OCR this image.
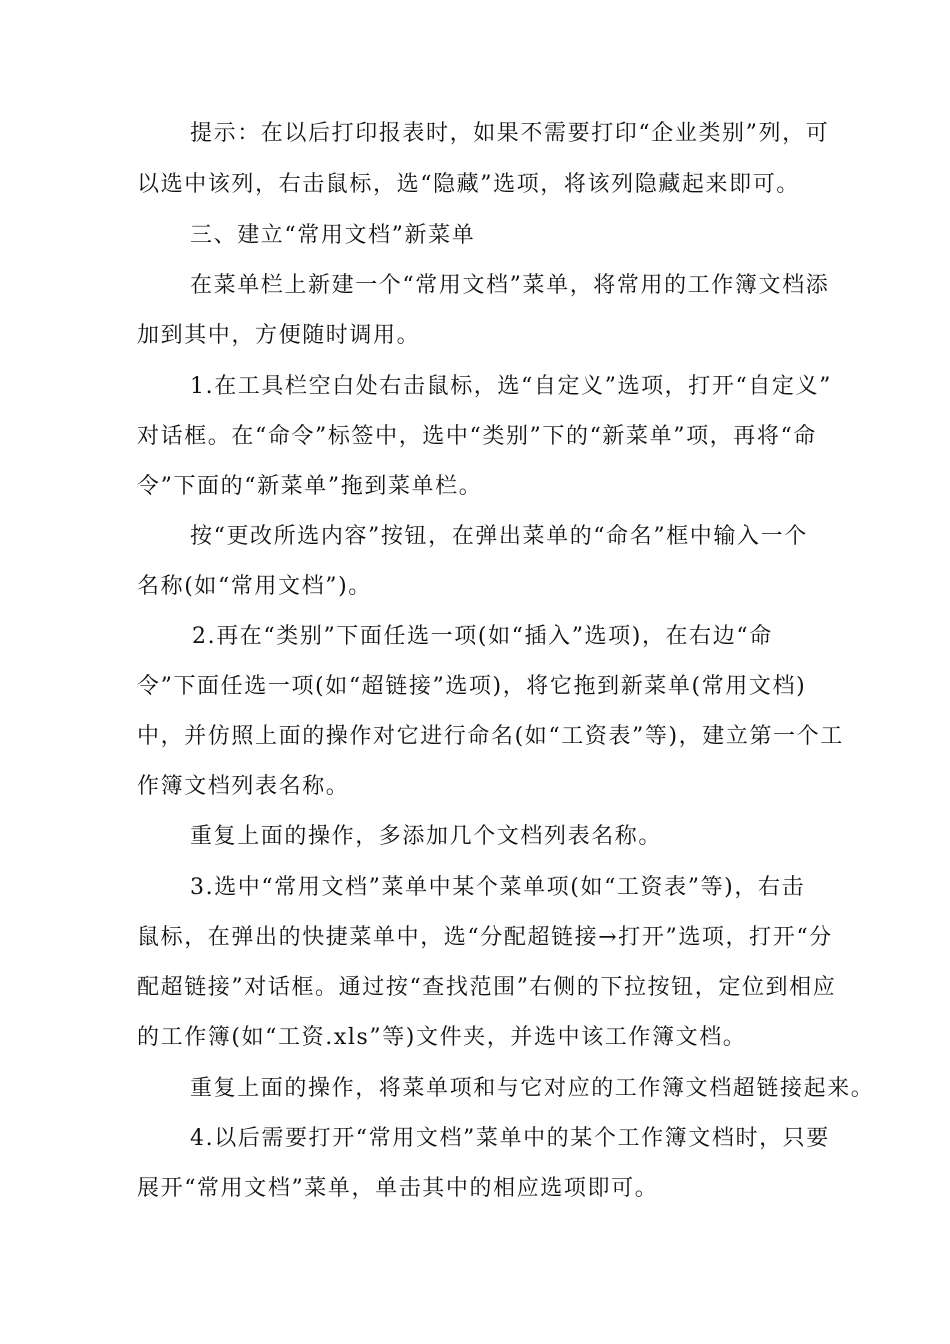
提示：在以后打印报表时，如果不需要打印“企业类别”列，可
以选中该列，右击鼠标，选“隐藏”选项，将该列隐藏起来即可。
三、建立“常用文档”新菜单
在菜单栏上新建一个“常用文档”菜单，将常用的工作簿文档添
加到其中，方便随时调用。
1.在工具栏空白处右击鼠标，选“自定义”选项，打开“自定义”
对话框。在“命令”标签中，选中“类别”下的“新菜单”项，再将“命
令”下面的“新菜单”拖到菜单栏。
按“更改所选内容”按钮，在弹出菜单的“命名”框中输入一个
名称(如“常用文档”)。
2.再在“类别”下面任选一项(如“插入”选项)，在右边“命
令”下面任选一项(如“超链接”选项)，将它拖到新菜单(常用文档)
中，并仿照上面的操作对它进行命名(如“工资表”等)，建立第一个工
作簿文档列表名称。
重复上面的操作，多添加几个文档列表名称。
3.选中“常用文档”菜单中某个菜单项(如“工资表”等)，右击
鼠标，在弹出的快捷菜单中，选“分配超链接→打开”选项，打开“分
配超链接”对话框。通过按“查找范围”右侧的下拉按钮，定位到相应
的工作簿(如“工资.xls”等)文件夹，并选中该工作簿文档。
重复上面的操作，将菜单项和与它对应的工作簿文档超链接起来。
4.以后需要打开“常用文档”菜单中的某个工作簿文档时，只要
展开“常用文档”菜单，单击其中的相应选项即可。
